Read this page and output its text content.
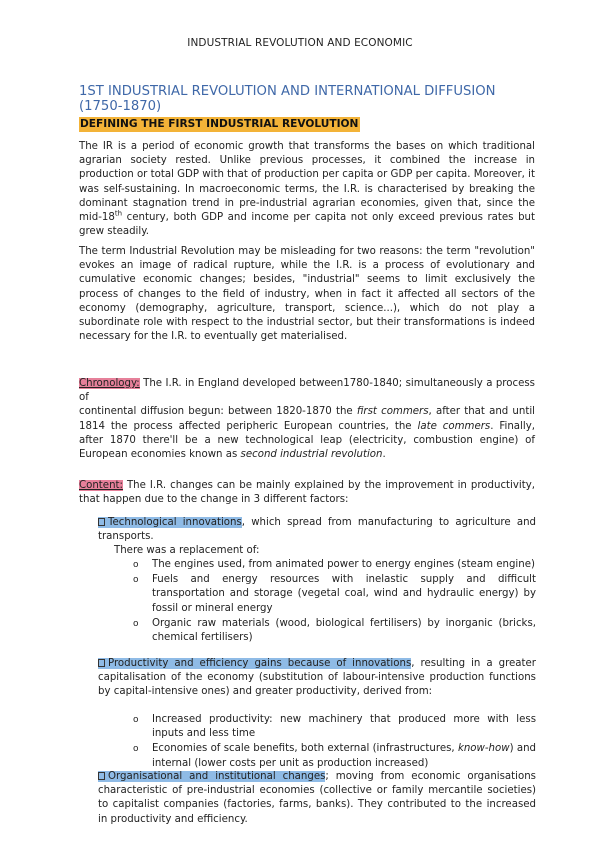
INDUSTRIAL REVOLUTION AND ECONOMIC
1ST INDUSTRIAL REVOLUTION AND INTERNATIONAL DIFFUSION
(1750-1870)
DEFINING THE FIRST INDUSTRIAL REVOLUTION
The IR is a period of economic growth that transforms the bases on which traditional agrarian society rested. Unlike previous processes, it combined the increase in production or total GDP with that of production per capita or GDP per capita. Moreover, it was self-sustaining. In macroeconomic terms, the I.R. is characterised by breaking the dominant stagnation trend in pre-industrial agrarian economies, given that, since the mid-18th century, both GDP and income per capita not only exceed previous rates but grew steadily.
The term Industrial Revolution may be misleading for two reasons: the term "revolution" evokes an image of radical rupture, while the I.R. is a process of evolutionary and cumulative economic changes; besides, "industrial" seems to limit exclusively the process of changes to the field of industry, when in fact it affected all sectors of the economy (demography, agriculture, transport, science...), which do not play a subordinate role with respect to the industrial sector, but their transformations is indeed necessary for the I.R. to eventually get materialised.
Chronology: The I.R. in England developed between1780-1840; simultaneously a process of
continental diffusion begun: between 1820-1870 the first commers, after that and until 1814 the process affected peripheric European countries, the late commers. Finally, after 1870 there'll be a new technological leap (electricity, combustion engine) of European economies known as second industrial revolution.
Content: The I.R. changes can be mainly explained by the improvement in productivity, that happen due to the change in 3 different factors:
Technological innovations, which spread from manufacturing to agriculture and transports.
There was a replacement of:
o The engines used, from animated power to energy engines (steam engine)
o Fuels and energy resources with inelastic supply and difficult transportation and storage (vegetal coal, wind and hydraulic energy) by fossil or mineral energy
o Organic raw materials (wood, biological fertilisers) by inorganic (bricks, chemical fertilisers)
Productivity and efficiency gains because of innovations, resulting in a greater capitalisation of the economy (substitution of labour-intensive production functions by capital-intensive ones) and greater productivity, derived from:
o Increased productivity: new machinery that produced more with less inputs and less time
o Economies of scale benefits, both external (infrastructures, know-how) and internal (lower costs per unit as production increased)
Organisational and institutional changes; moving from economic organisations characteristic of pre-industrial economies (collective or family mercantile societies) to capitalist companies (factories, farms, banks). They contributed to the increased in productivity and efficiency.
